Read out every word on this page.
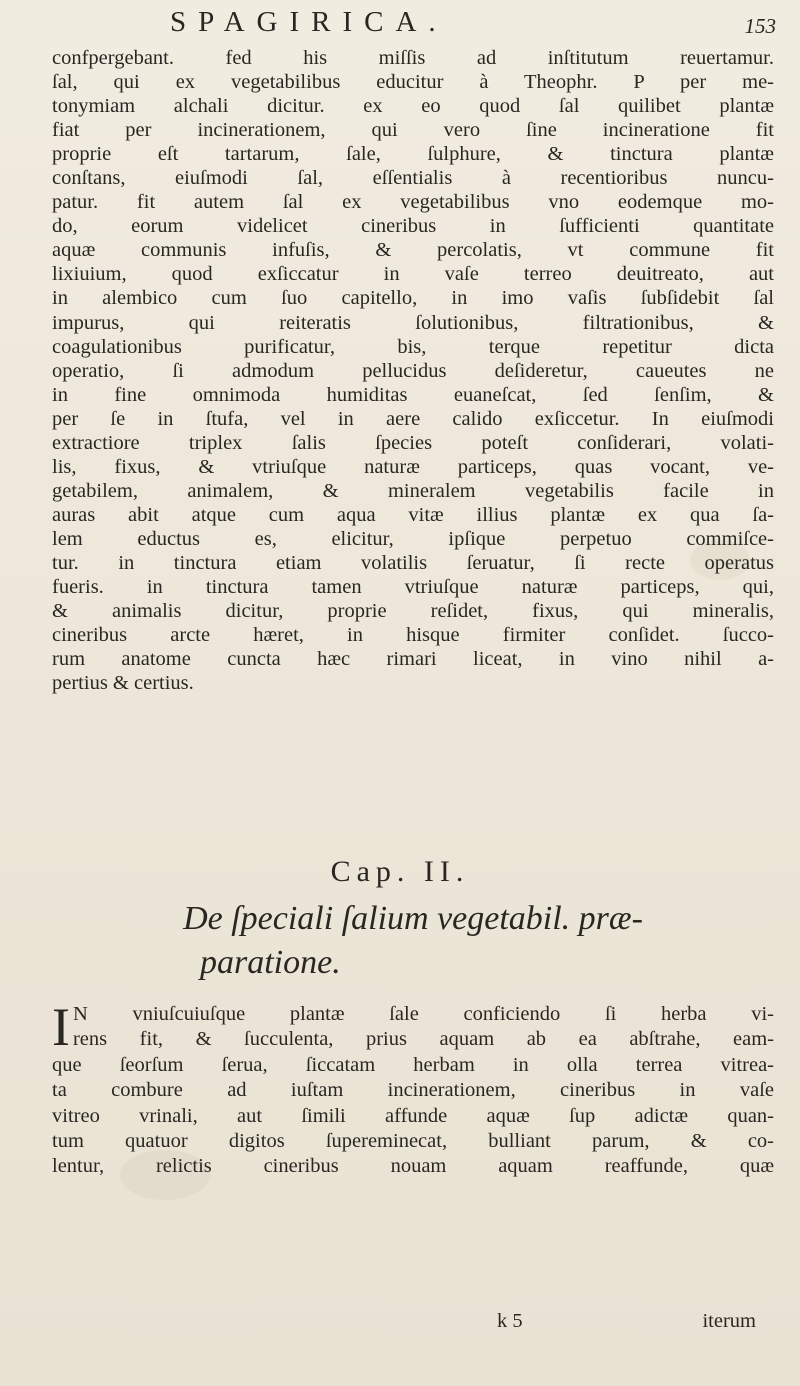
SPAGIRICA.	153
confpergebant. fed his miſſis ad inſtitutum reuertamur.
ſal, qui ex vegetabilibus educitur à Theophr. P per me-
tonymiam alchali dicitur. ex eo quod ſal quilibet plantæ
fiat per incinerationem, qui vero ſine incineratione fit
proprie eſt tartarum, ſale, ſulphure, & tinctura plantæ
conſtans, eiuſmodi ſal, eſſentialis à recentioribus nuncu-
patur. fit autem ſal ex vegetabilibus vno eodemque mo-
do, eorum videlicet cineribus in ſufficienti quantitate
aquæ communis infuſis, & percolatis, vt commune fit
lixiuium, quod exſiccatur in vaſe terreo deuitreato, aut
in alembico cum ſuo capitello, in imo vaſis ſubſidebit ſal
impurus, qui reiteratis ſolutionibus, filtrationibus, &
coagulationibus purificatur, bis, terque repetitur dicta
operatio, ſi admodum pellucidus deſideretur, caueutes ne
in fine omnimoda humiditas euaneſcat, ſed ſenſim, &
per ſe in ſtufa, vel in aere calido exſiccetur. In eiuſmodi
extractiore triplex ſalis ſpecies poteſt conſiderari, volati-
lis, fixus, & vtriuſque naturæ particeps, quas vocant, ve-
getabilem, animalem, & mineralem vegetabilis facile in
auras abit atque cum aqua vitæ illius plantæ ex qua ſa-
lem eductus es, elicitur, ipſique perpetuo commiſce-
tur. in tinctura etiam volatilis ſeruatur, ſi recte operatus
fueris. in tinctura tamen vtriuſque naturæ particeps, qui,
& animalis dicitur, proprie reſidet, fixus, qui mineralis,
cineribus arcte hæret, in hisque firmiter conſidet. ſucco-
rum anatome cuncta hæc rimari liceat, in vino nihil a-
pertius & certius.
Cap. II.
De ſpeciali ſalium vegetabil. præ-
paratione.
I N vniuſcuiuſque plantæ ſale conficiendo ſi herba vi-
rens fit, & ſucculenta, prius aquam ab ea abſtrahe, eam-
que ſeorſum ſerua, ſiccatam herbam in olla terrea vitrea-
ta combure ad iuſtam incinerationem, cineribus in vaſe
vitreo vrinali, aut ſimili affunde aquæ ſup adictæ quan-
tum quatuor digitos ſupereminecat, bulliant parum, & co-
lentur, relictis cineribus nouam aquam reaffunde, quæ
k 5	iterum
